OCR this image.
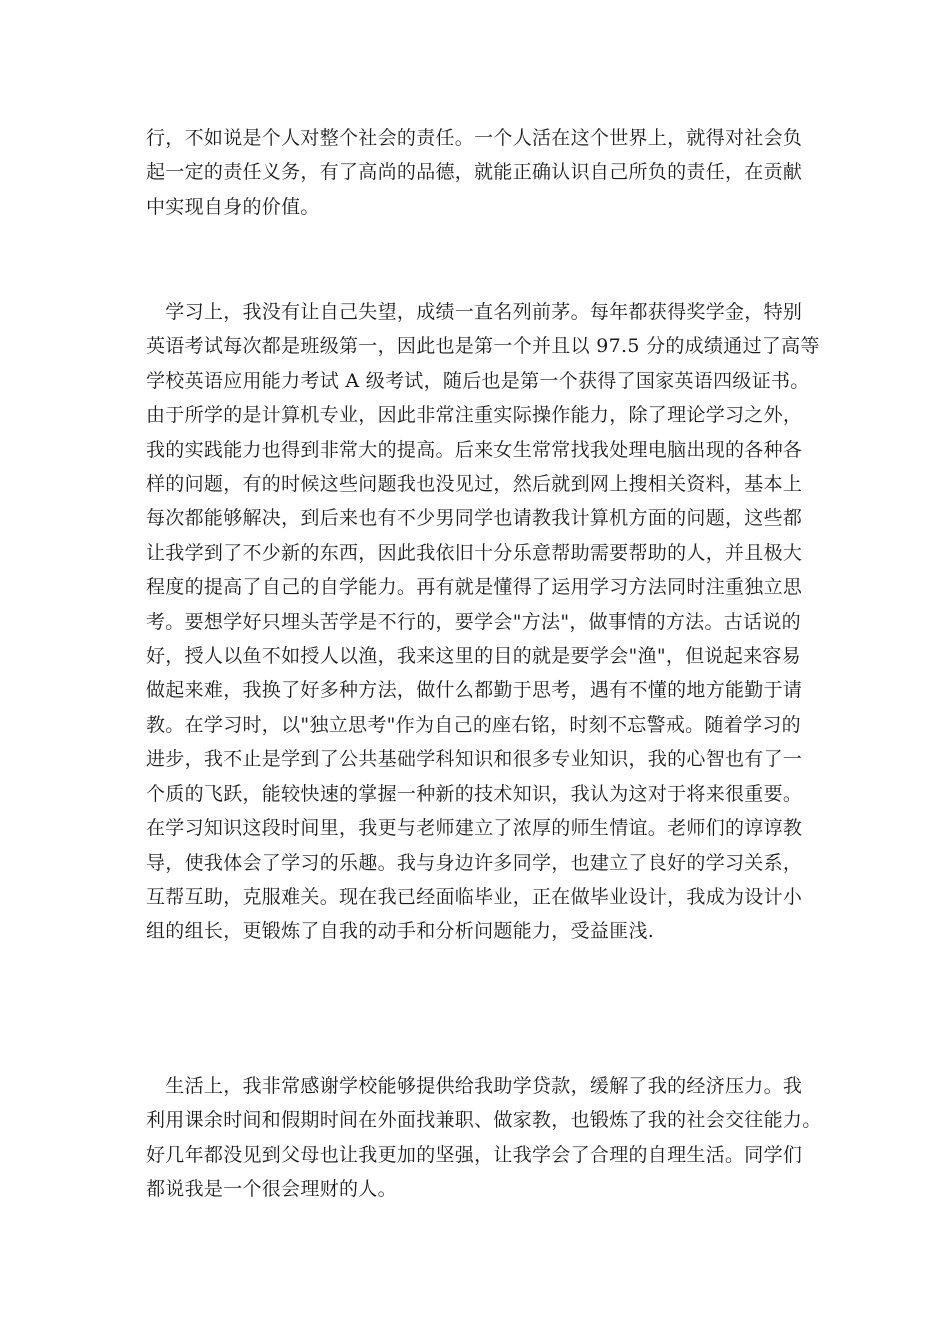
行，不如说是个人对整个社会的责任。一个人活在这个世界上，就得对社会负
起一定的责任义务，有了高尚的品德，就能正确认识自己所负的责任，在贡献
中实现自身的价值。
　学习上，我没有让自己失望，成绩一直名列前茅。每年都获得奖学金，特别
英语考试每次都是班级第一，因此也是第一个并且以 97.5 分的成绩通过了高等
学校英语应用能力考试 A 级考试，随后也是第一个获得了国家英语四级证书。
由于所学的是计算机专业，因此非常注重实际操作能力，除了理论学习之外，
我的实践能力也得到非常大的提高。后来女生常常找我处理电脑出现的各种各
样的问题，有的时候这些问题我也没见过，然后就到网上搜相关资料，基本上
每次都能够解决，到后来也有不少男同学也请教我计算机方面的问题，这些都
让我学到了不少新的东西，因此我依旧十分乐意帮助需要帮助的人，并且极大
程度的提高了自己的自学能力。再有就是懂得了运用学习方法同时注重独立思
考。要想学好只埋头苦学是不行的，要学会"方法"，做事情的方法。古话说的
好，授人以鱼不如授人以渔，我来这里的目的就是要学会"渔"，但说起来容易
做起来难，我换了好多种方法，做什么都勤于思考，遇有不懂的地方能勤于请
教。在学习时，以"独立思考"作为自己的座右铭，时刻不忘警戒。随着学习的
进步，我不止是学到了公共基础学科知识和很多专业知识，我的心智也有了一
个质的飞跃，能较快速的掌握一种新的技术知识，我认为这对于将来很重要。
在学习知识这段时间里，我更与老师建立了浓厚的师生情谊。老师们的谆谆教
导，使我体会了学习的乐趣。我与身边许多同学，也建立了良好的学习关系，
互帮互助，克服难关。现在我已经面临毕业，正在做毕业设计，我成为设计小
组的组长，更锻炼了自我的动手和分析问题能力，受益匪浅.
　生活上，我非常感谢学校能够提供给我助学贷款，缓解了我的经济压力。我
利用课余时间和假期时间在外面找兼职、做家教，也锻炼了我的社会交往能力。
好几年都没见到父母也让我更加的坚强，让我学会了合理的自理生活。同学们
都说我是一个很会理财的人。
